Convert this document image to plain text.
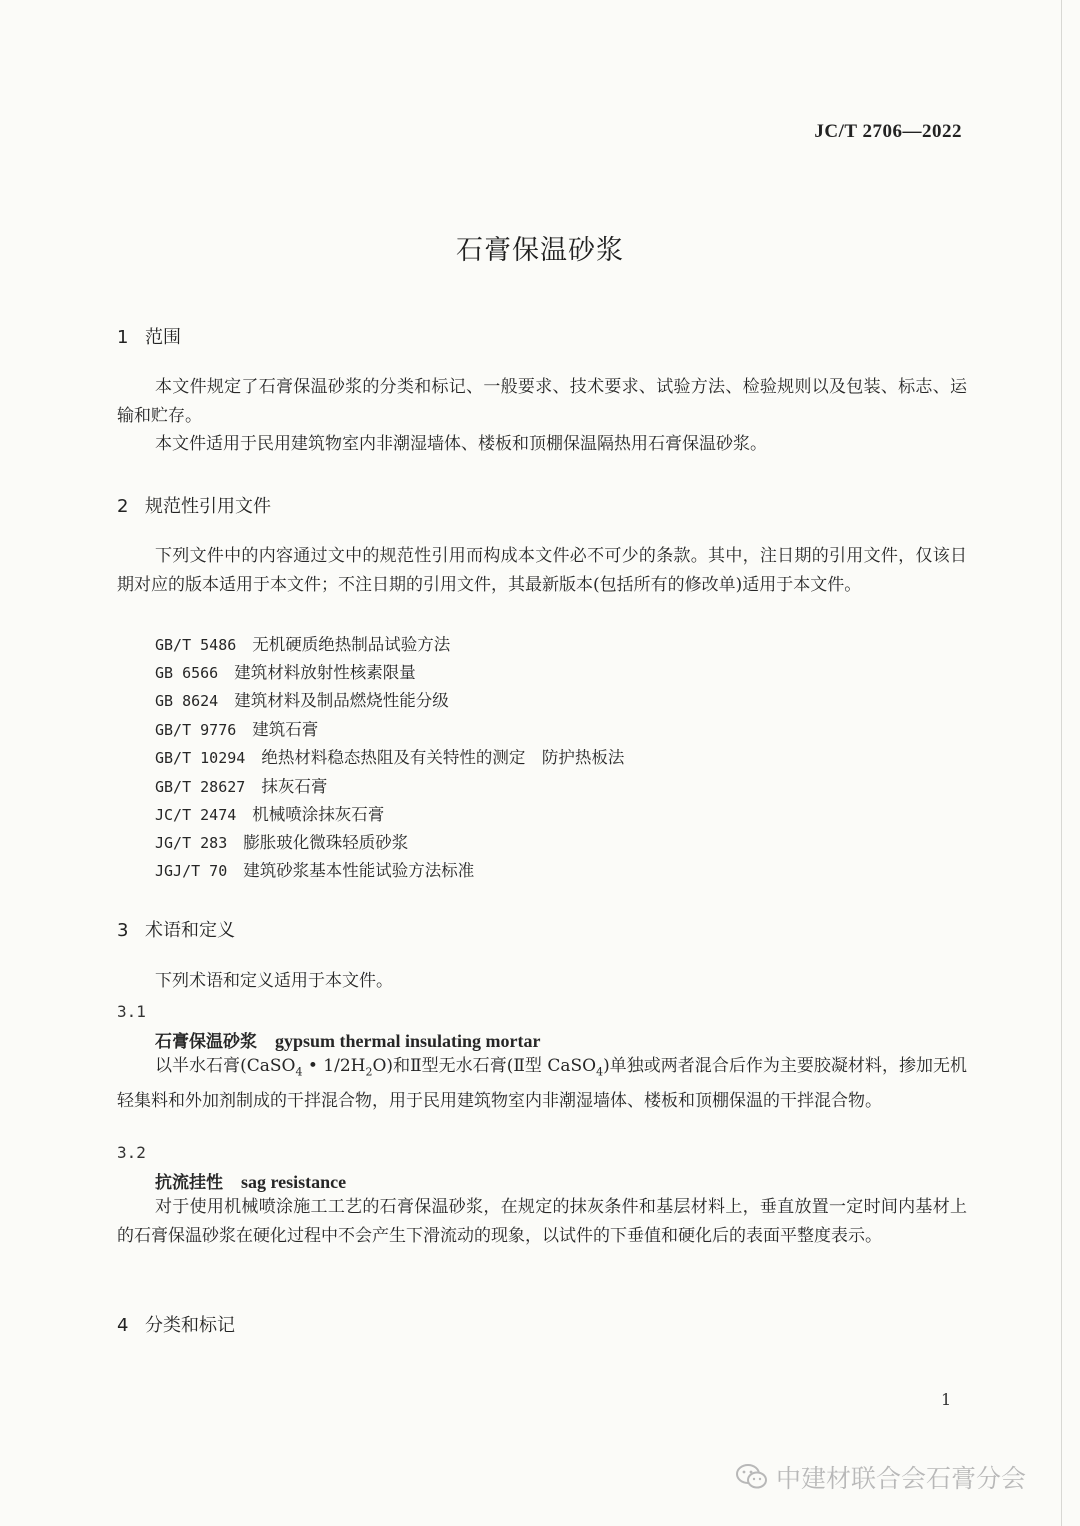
JC/T 2706—2022
石膏保温砂浆
1 范围

本文件规定了石膏保温砂浆的分类和标记、一般要求、技术要求、试验方法、检验规则以及包装、标志、运输和贮存。

本文件适用于民用建筑物室内非潮湿墙体、楼板和顶棚保温隔热用石膏保温砂浆。

2 规范性引用文件

下列文件中的内容通过文中的规范性引用而构成本文件必不可少的条款。其中，注日期的引用文件，仅该日期对应的版本适用于本文件；不注日期的引用文件，其最新版本(包括所有的修改单)适用于本文件。

GB/T 5486 无机硬质绝热制品试验方法
GB 6566 建筑材料放射性核素限量
GB 8624 建筑材料及制品燃烧性能分级
GB/T 9776 建筑石膏
GB/T 10294 绝热材料稳态热阻及有关特性的测定　防护热板法
GB/T 28627 抹灰石膏
JC/T 2474 机械喷涂抹灰石膏
JG/T 283 膨胀玻化微珠轻质砂浆
JGJ/T 70 建筑砂浆基本性能试验方法标准
3 术语和定义

下列术语和定义适用于本文件。

3.1
石膏保温砂浆 gypsum thermal insulating mortar

以半水石膏(CaSO$_4$ • $1/2H_2O$)和Ⅱ型无水石膏(Ⅱ型 CaSO$_4$)单独或两者混合后作为主要胶凝材料，掺加无机轻集料和外加剂制成的干拌混合物，用于民用建筑物室内非潮湿墙体、楼板和顶棚保温的干拌混合物。

3.2
抗流挂性 sag resistance

对于使用机械喷涂施工工艺的石膏保温砂浆，在规定的抹灰条件和基层材料上，垂直放置一定时间内基材上的石膏保温砂浆在硬化过程中不会产生下滑流动的现象，以试件的下垂值和硬化后的表面平整度表示。

4 分类和标记
1
中建材联合会石膏分会
